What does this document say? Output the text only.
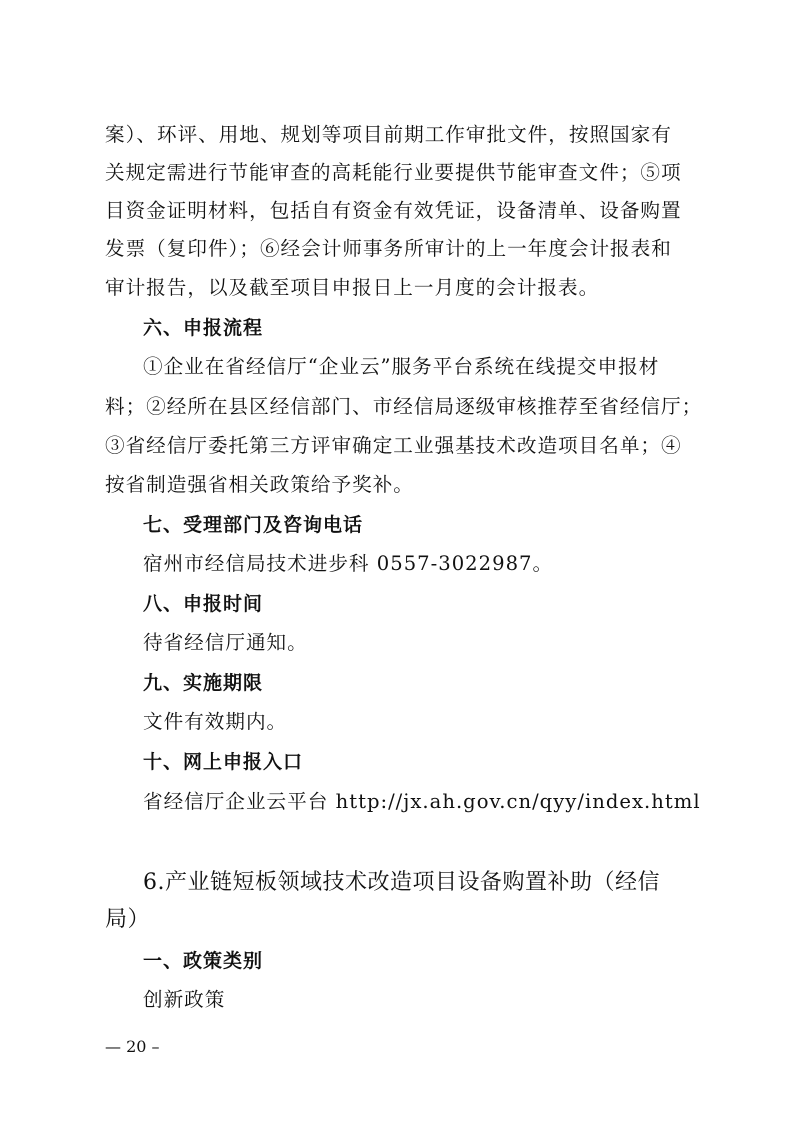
案）、环评、用地、规划等项目前期工作审批文件，按照国家有
关规定需进行节能审查的高耗能行业要提供节能审查文件；⑤项
目资金证明材料，包括自有资金有效凭证，设备清单、设备购置
发票（复印件）；⑥经会计师事务所审计的上一年度会计报表和
审计报告，以及截至项目申报日上一月度的会计报表。
六、申报流程
①企业在省经信厅“企业云”服务平台系统在线提交申报材
料；②经所在县区经信部门、市经信局逐级审核推荐至省经信厅；
③省经信厅委托第三方评审确定工业强基技术改造项目名单；④
按省制造强省相关政策给予奖补。
七、受理部门及咨询电话
宿州市经信局技术进步科 0557-3022987。
八、申报时间
待省经信厅通知。
九、实施期限
文件有效期内。
十、网上申报入口
省经信厅企业云平台 http://jx.ah.gov.cn/qyy/index.html
6.产业链短板领域技术改造项目设备购置补助（经信
局）
一、政策类别
创新政策
— 20 –
